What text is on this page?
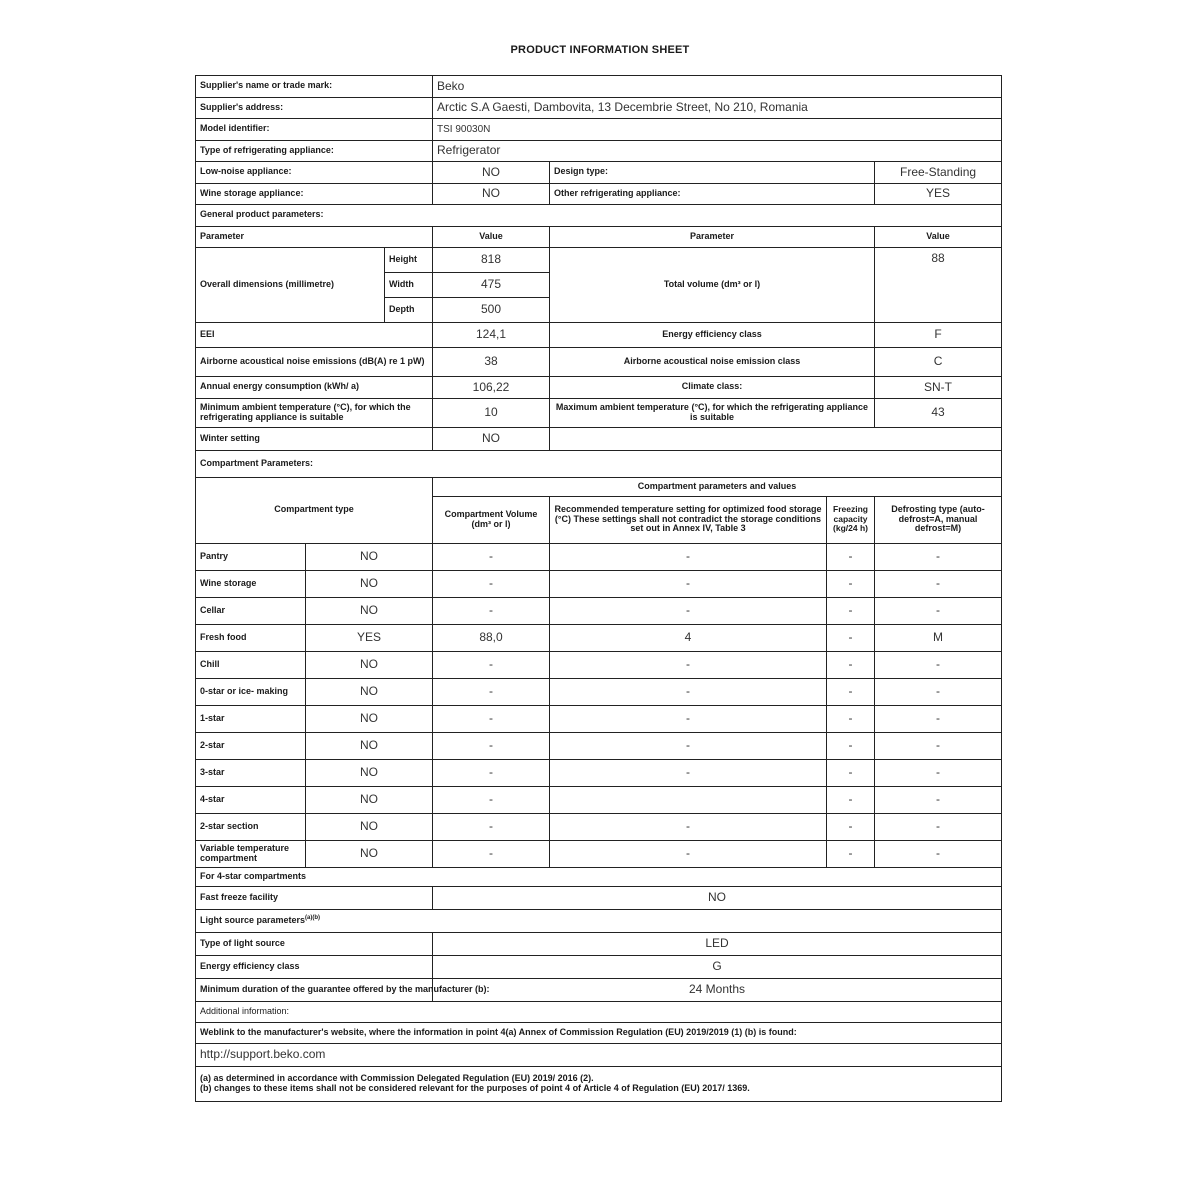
PRODUCT INFORMATION SHEET
Supplier's name or trade mark:			Beko			
Supplier's address:			Arctic S.A Gaesti, Dambovita, 13 Decembrie Street, No 210, Romania			
Model identifier:			TSI 90030N			
Type of refrigerating appliance:			Refrigerator			
Low-noise appliance:			NO	Design type:		Free-Standing
Wine storage appliance:			NO	Other refrigerating appliance:		YES
General product parameters:						
Parameter			Value	Parameter		Value
Overall dimensions (millimetre)		Height	818	Total volume (dm³ or l)		88
		Width	475			
		Depth	500			
EEI			124,1	Energy efficiency class		F
Airborne acoustical noise emissions (dB(A) re 1 pW)			38	Airborne acoustical noise emission class		C
Annual energy consumption (kWh/ a)			106,22	Climate class:		SN-T
Minimum ambient temperature (°C), for which the refrigerating appliance is suitable			10	Maximum ambient temperature (°C), for which the refrigerating appliance is suitable		43
Winter setting			NO			
Compartment Parameters:						
Compartment type			Compartment parameters and values			
			Compartment Volume (dm³ or l)	Recommended temperature setting for optimized food storage (°C) These settings shall not contradict the storage conditions set out in Annex IV, Table 3	Freezing capacity (kg/24 h)	Defrosting type (auto-defrost=A, manual defrost=M)
Pantry	NO		-	-	-	-
Wine storage	NO		-	-	-	-
Cellar	NO		-	-	-	-
Fresh food	YES		88,0	4	-	M
Chill	NO		-	-	-	-
0-star or ice- making	NO		-	-	-	-
1-star	NO		-	-	-	-
2-star	NO		-	-	-	-
3-star	NO		-	-	-	-
4-star	NO		-		-	-
2-star section	NO		-	-	-	-
Variable temperature compartment	NO		-	-	-	-
For 4-star compartments						
Fast freeze facility			NO			
Light source parameters$^{(a)(b)}$
Type of light source			LED			
Energy efficiency class			G			
Minimum duration of the guarantee offered by the manufacturer (b):			24 Months			
Additional information:						
Weblink to the manufacturer's website, where the information in point 4(a) Annex of Commission Regulation (EU) 2019/2019 (1) (b) is found:						
http://support.beko.com						

(a) as determined in accordance with Commission Delegated Regulation (EU) 2019/ 2016 (2).
(b) changes to these items shall not be considered relevant for the purposes of point 4 of Article 4 of Regulation (EU) 2017/ 1369.						
